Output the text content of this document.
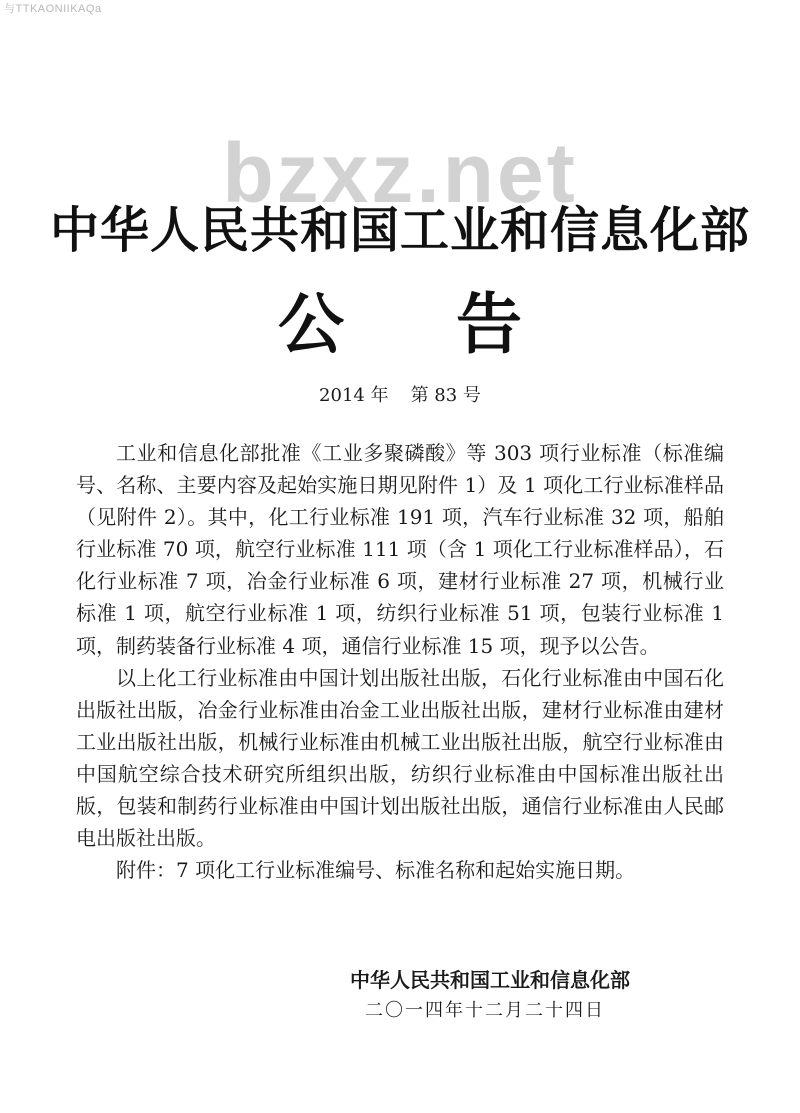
与TTKAONIIKAQa
bzxz.net
中华人民共和国工业和信息化部
公 告
2014 年 第 83 号

工业和信息化部批准《工业多聚磷酸》等 303 项行业标准（标准编号、名称、主要内容及起始实施日期见附件 1）及 1 项化工行业标准样品（见附件 2）。其中，化工行业标准 191 项，汽车行业标准 32 项，船舶行业标准 70 项，航空行业标准 111 项（含 1 项化工行业标准样品），石化行业标准 7 项，冶金行业标准 6 项，建材行业标准 27 项，机械行业标准 1 项，航空行业标准 1 项，纺织行业标准 51 项，包装行业标准 1 项，制药装备行业标准 4 项，通信行业标准 15 项，现予以公告。

以上化工行业标准由中国计划出版社出版，石化行业标准由中国石化出版社出版，冶金行业标准由冶金工业出版社出版，建材行业标准由建材工业出版社出版，机械行业标准由机械工业出版社出版，航空行业标准由中国航空综合技术研究所组织出版，纺织行业标准由中国标准出版社出版，包装和制药行业标准由中国计划出版社出版，通信行业标准由人民邮电出版社出版。

附件：7 项化工行业标准编号、标准名称和起始实施日期。

中华人民共和国工业和信息化部
二〇一四年十二月二十四日
